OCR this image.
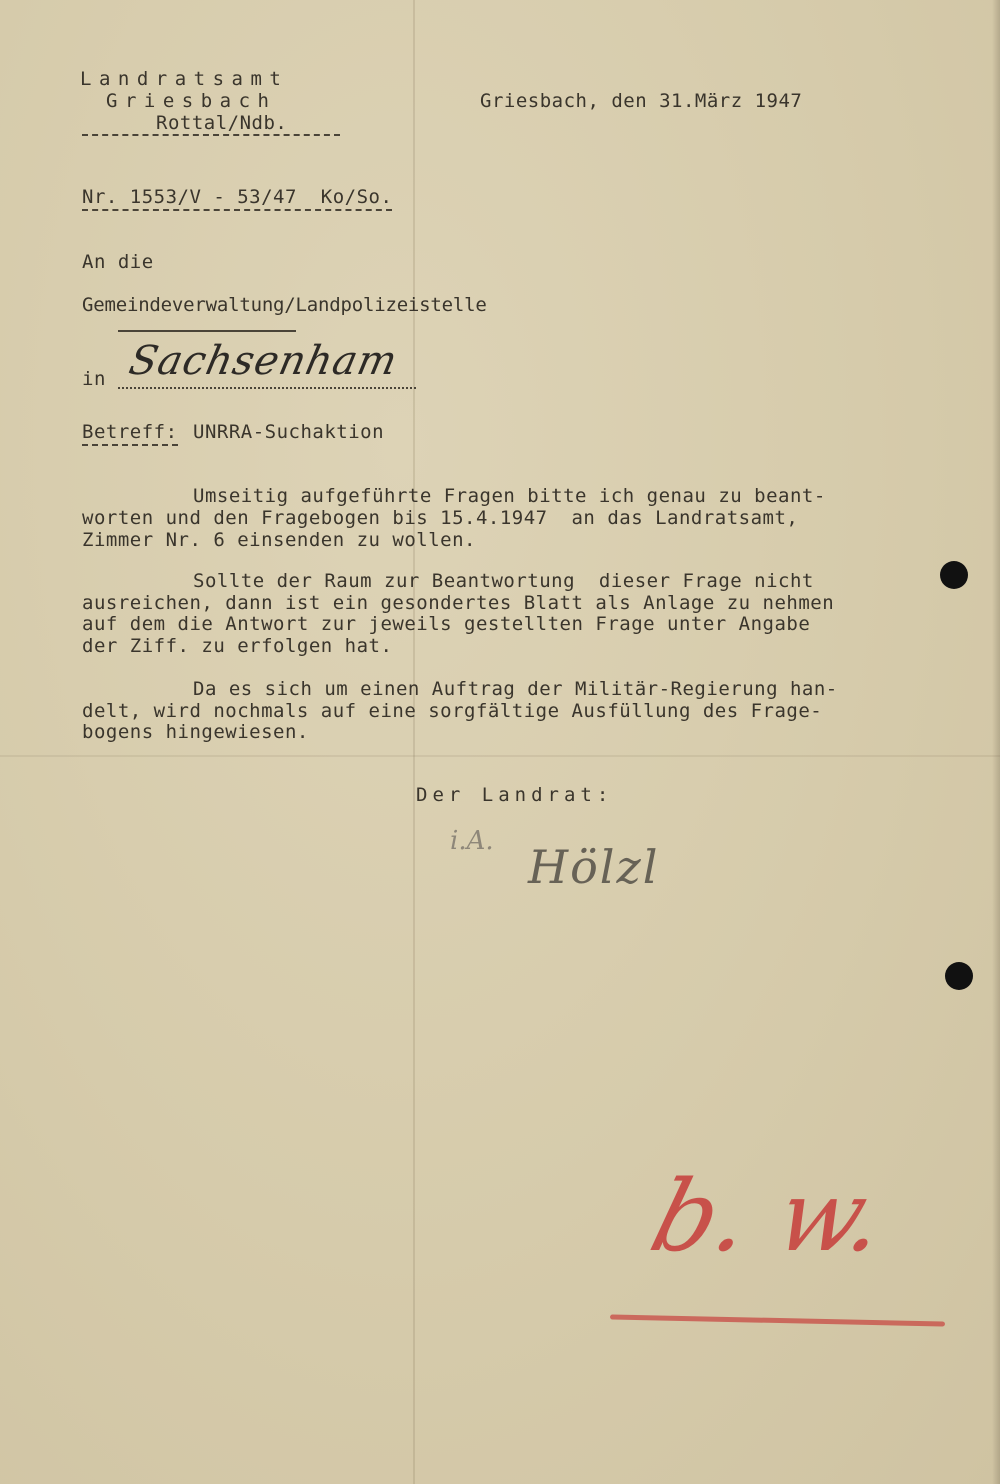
Landratsamt
Griesbach
Rottal/Ndb.
Griesbach, den 31.März 1947
Nr. 1553/V - 53/47  Ko/So.
An die
Gemeindeverwaltung/Landpolizeistelle
in Sachsenham
Betreff: UNRRA-Suchaktion
Umseitig aufgeführte Fragen bitte ich genau zu beant-
worten und den Fragebogen bis 15.4.1947  an das Landratsamt,
Zimmer Nr. 6 einsenden zu wollen.
Sollte der Raum zur Beantwortung  dieser Frage nicht
ausreichen, dann ist ein gesondertes Blatt als Anlage zu nehmen
auf dem die Antwort zur jeweils gestellten Frage unter Angabe
der Ziff. zu erfolgen hat.
Da es sich um einen Auftrag der Militär-Regierung han-
delt, wird nochmals auf eine sorgfältige Ausfüllung des Frage-
bogens hingewiesen.
Der Landrat:
i.A. Hölzl
b. w.
